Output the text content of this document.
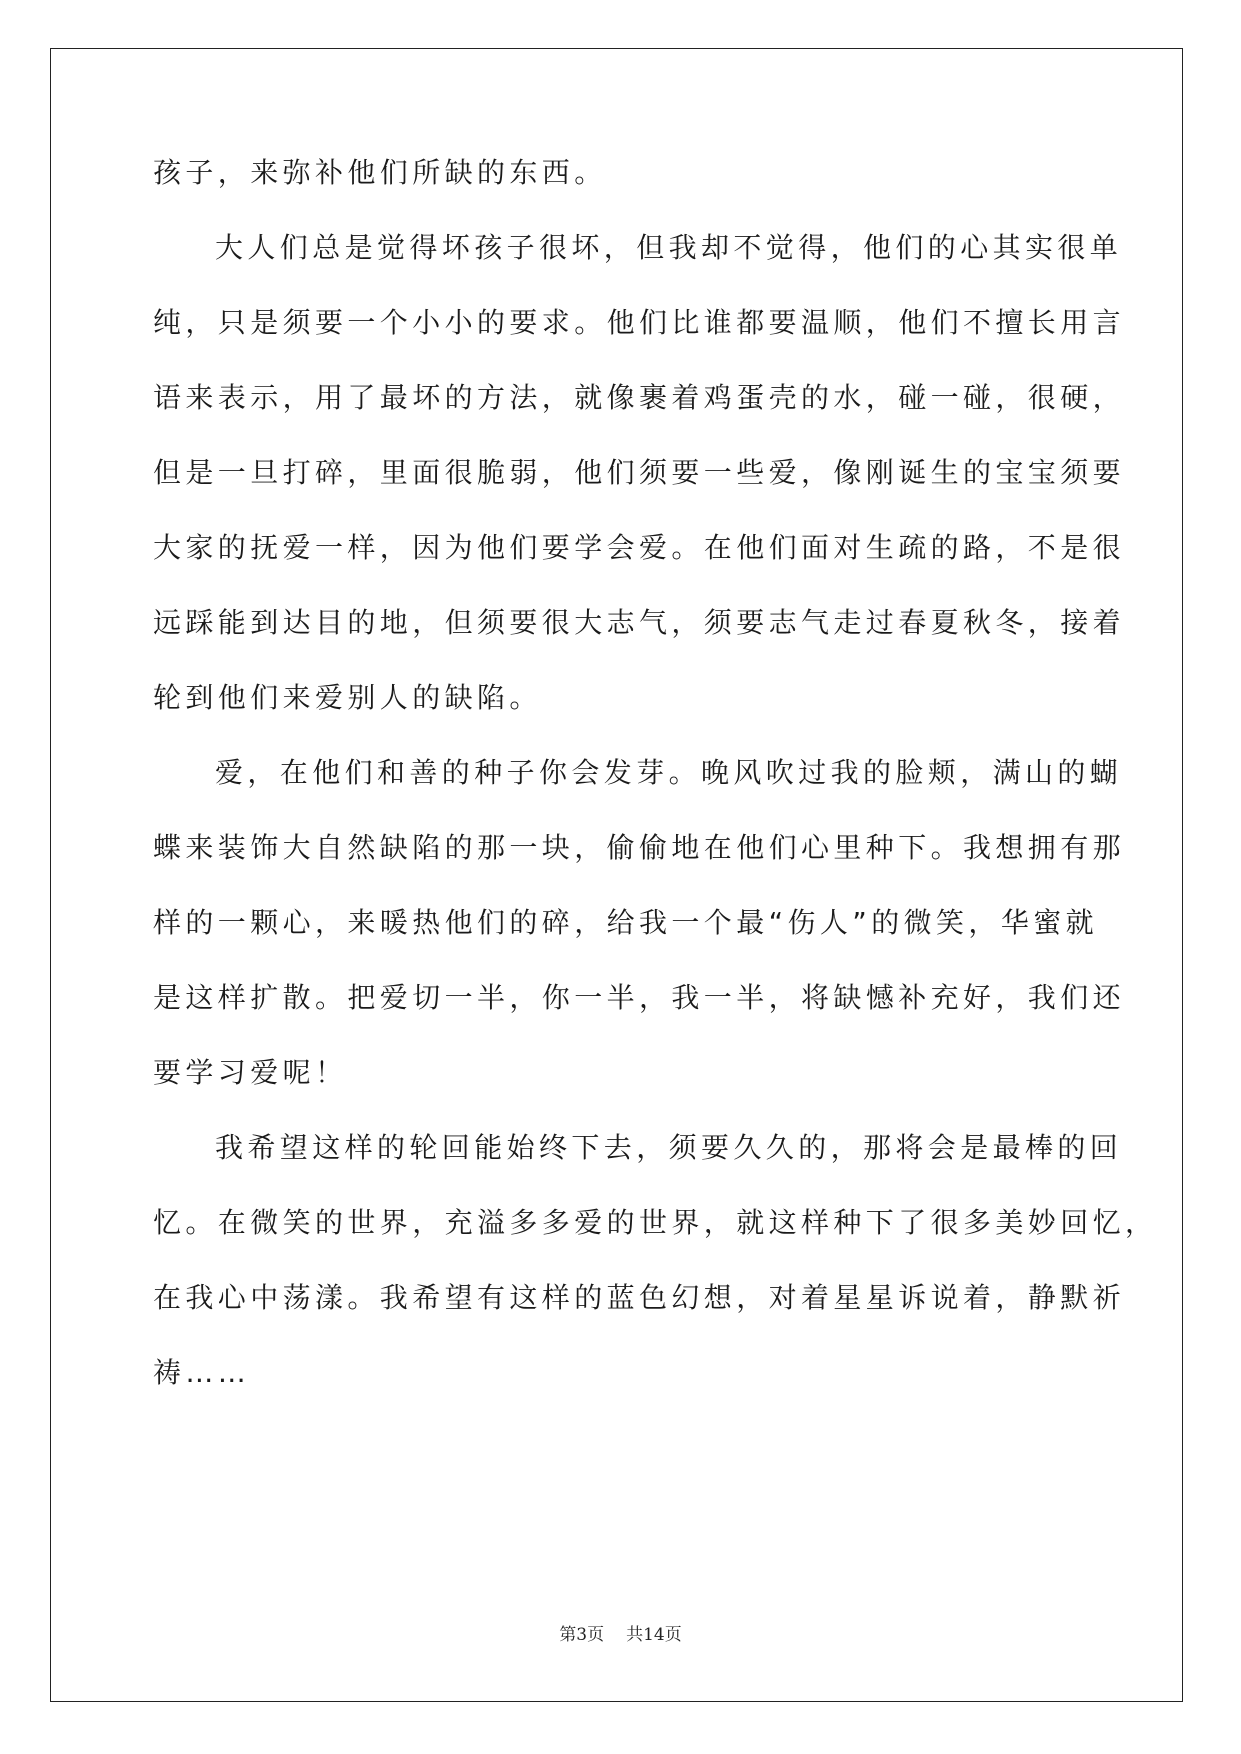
孩子，来弥补他们所缺的东西。
大人们总是觉得坏孩子很坏，但我却不觉得，他们的心其实很单
纯，只是须要一个小小的要求。他们比谁都要温顺，他们不擅长用言
语来表示，用了最坏的方法，就像裹着鸡蛋壳的水，碰一碰，很硬，
但是一旦打碎，里面很脆弱，他们须要一些爱，像刚诞生的宝宝须要
大家的抚爱一样，因为他们要学会爱。在他们面对生疏的路，不是很
远踩能到达目的地，但须要很大志气，须要志气走过春夏秋冬，接着
轮到他们来爱别人的缺陷。
爱，在他们和善的种子你会发芽。晚风吹过我的脸颊，满山的蝴
蝶来装饰大自然缺陷的那一块，偷偷地在他们心里种下。我想拥有那
样的一颗心，来暖热他们的碎，给我一个最“伤人”的微笑，华蜜就
是这样扩散。把爱切一半，你一半，我一半，将缺憾补充好，我们还
要学习爱呢！
我希望这样的轮回能始终下去，须要久久的，那将会是最棒的回
忆。在微笑的世界，充溢多多爱的世界，就这样种下了很多美妙回忆，
在我心中荡漾。我希望有这样的蓝色幻想，对着星星诉说着，静默祈
祷……
第3页 共14页
